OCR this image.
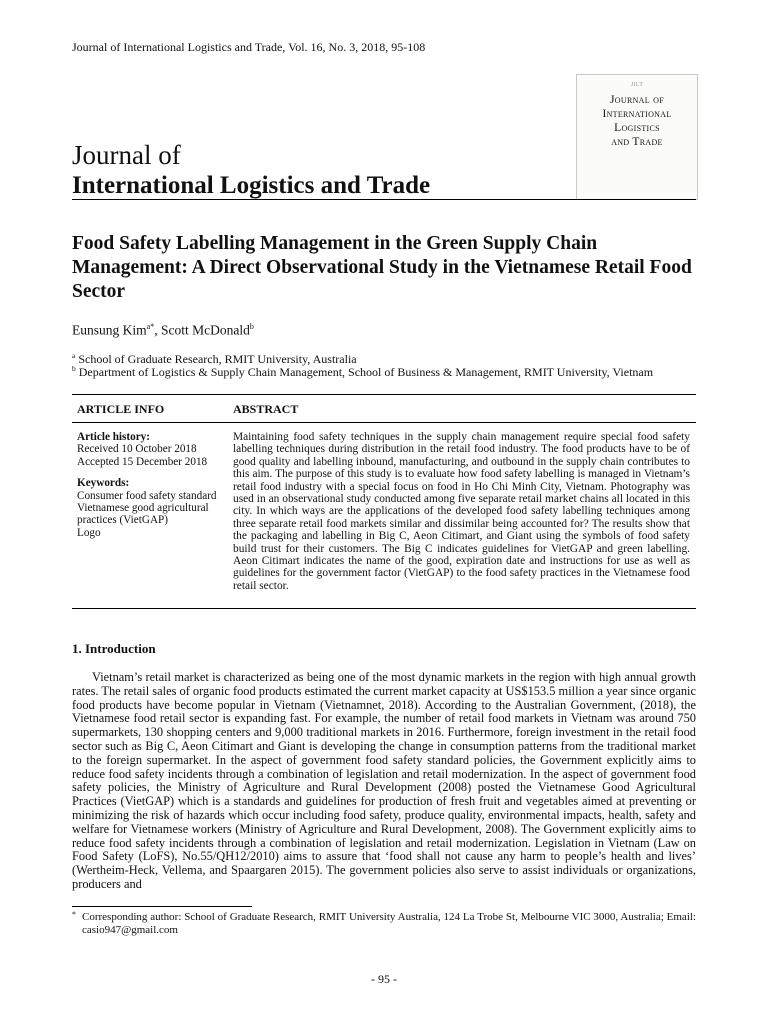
Journal of International Logistics and Trade, Vol. 16, No. 3, 2018, 95-108
JILT
Journal of
International
Logistics
and Trade
Journal of
International Logistics and Trade
Food Safety Labelling Management in the Green Supply Chain Management: A Direct Observational Study in the Vietnamese Retail Food Sector
Eunsung Kim$^{a*}$, Scott McDonald$^b$
$^a$ School of Graduate Research, RMIT University, Australia
$^b$ Department of Logistics & Supply Chain Management, School of Business & Management, RMIT University, Vietnam
ARTICLE INFO	ABSTRACT
Article history:
Received 10 October 2018
Accepted 15 December 2018
Keywords:
Consumer food safety standard
Vietnamese good agricultural practices (VietGAP)
Logo
Maintaining food safety techniques in the supply chain management require special food safety labelling techniques during distribution in the retail food industry. The food products have to be of good quality and labelling inbound, manufacturing, and outbound in the supply chain contributes to this aim. The purpose of this study is to evaluate how food safety labelling is managed in Vietnam’s retail food industry with a special focus on food in Ho Chi Minh City, Vietnam. Photography was used in an observational study conducted among five separate retail market chains all located in this city. In which ways are the applications of the developed food safety labelling techniques among three separate retail food markets similar and dissimilar being accounted for? The results show that the packaging and labelling in Big C, Aeon Citimart, and Giant using the symbols of food safety build trust for their customers. The Big C indicates guidelines for VietGAP and green labelling. Aeon Citimart indicates the name of the good, expiration date and instructions for use as well as guidelines for the government factor (VietGAP) to the food safety practices in the Vietnamese food retail sector.
1. Introduction
Vietnam’s retail market is characterized as being one of the most dynamic markets in the region with high annual growth rates. The retail sales of organic food products estimated the current market capacity at US$153.5 million a year since organic food products have become popular in Vietnam (Vietnamnet, 2018). According to the Australian Government, (2018), the Vietnamese food retail sector is expanding fast. For example, the number of retail food markets in Vietnam was around 750 supermarkets, 130 shopping centers and 9,000 traditional markets in 2016. Furthermore, foreign investment in the retail food sector such as Big C, Aeon Citimart and Giant is developing the change in consumption patterns from the traditional market to the foreign supermarket. In the aspect of government food safety standard policies, the Government explicitly aims to reduce food safety incidents through a combination of legislation and retail modernization. In the aspect of government food safety policies, the Ministry of Agriculture and Rural Development (2008) posted the Vietnamese Good Agricultural Practices (VietGAP) which is a standards and guidelines for production of fresh fruit and vegetables aimed at preventing or minimizing the risk of hazards which occur including food safety, produce quality, environmental impacts, health, safety and welfare for Vietnamese workers (Ministry of Agriculture and Rural Development, 2008). The Government explicitly aims to reduce food safety incidents through a combination of legislation and retail modernization. Legislation in Vietnam (Law on Food Safety (LoFS), No.55/QH12/2010) aims to assure that ‘food shall not cause any harm to people’s health and lives’ (Wertheim-Heck, Vellema, and Spaargaren 2015). The government policies also serve to assist individuals or organizations, producers and
* Corresponding author: School of Graduate Research, RMIT University Australia, 124 La Trobe St, Melbourne VIC 3000, Australia; Email: casio947@gmail.com
- 95 -
